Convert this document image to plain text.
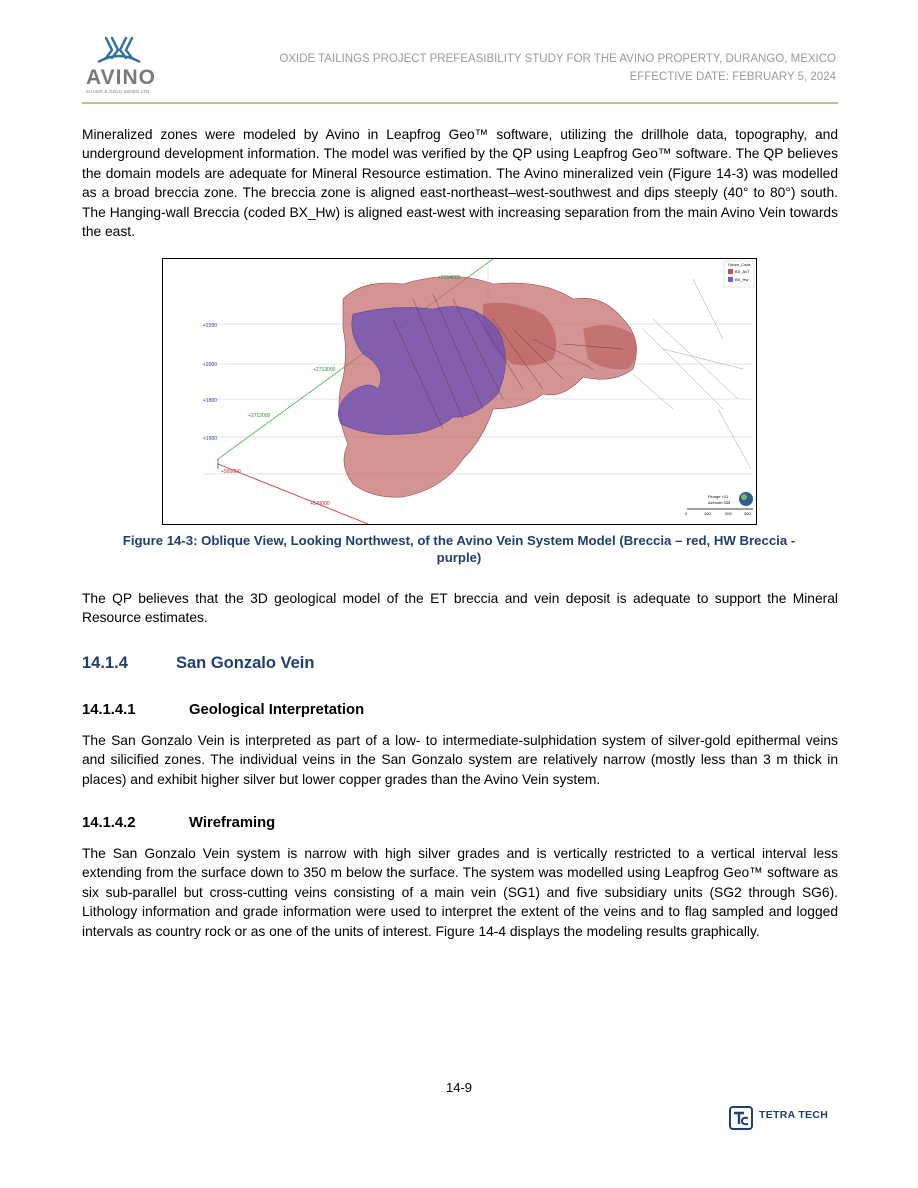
AVINO
SILVER & GOLD MINES LTD.
OXIDE TAILINGS PROJECT PREFEASIBILITY STUDY FOR THE AVINO PROPERTY, DURANGO, MEXICO
EFFECTIVE DATE: FEBRUARY 5, 2024

Mineralized zones were modeled by Avino in Leapfrog Geo™ software, utilizing the drillhole data, topography, and underground development information. The model was verified by the QP using Leapfrog Geo™ software. The QP believes the domain models are adequate for Mineral Resource estimation. The Avino mineralized vein (Figure 14-3) was modelled as a broad breccia zone. The breccia zone is aligned east-northeast–west-southwest and dips steeply (40° to 80°) south. The Hanging-wall Breccia (coded BX_Hw) is aligned east-west with increasing separation from the main Avino Vein towards the east.

+2200
+2000
+1800
+1600
+2714000
+2713000
+2712000
+565000
+570000
Geom_Code
BX_AvT
BX_Hw
Plunge +21
Azimuth 335
0	100	200	300
Figure 14-3: Oblique View, Looking Northwest, of the Avino Vein System Model (Breccia – red, HW Breccia - purple)

The QP believes that the 3D geological model of the ET breccia and vein deposit is adequate to support the Mineral Resource estimates.

14.1.4	San Gonzalo Vein
14.1.4.1	Geological Interpretation

The San Gonzalo Vein is interpreted as part of a low- to intermediate-sulphidation system of silver-gold epithermal veins and silicified zones. The individual veins in the San Gonzalo system are relatively narrow (mostly less than 3 m thick in places) and exhibit higher silver but lower copper grades than the Avino Vein system.

14.1.4.2	Wireframing

The San Gonzalo Vein system is narrow with high silver grades and is vertically restricted to a vertical interval less extending from the surface down to 350 m below the surface. The system was modelled using Leapfrog Geo™ software as six sub-parallel but cross-cutting veins consisting of a main vein (SG1) and five subsidiary units (SG2 through SG6). Lithology information and grade information were used to interpret the extent of the veins and to flag sampled and logged intervals as country rock or as one of the units of interest. Figure 14-4 displays the modeling results graphically.

14-9
TETRA TECH
